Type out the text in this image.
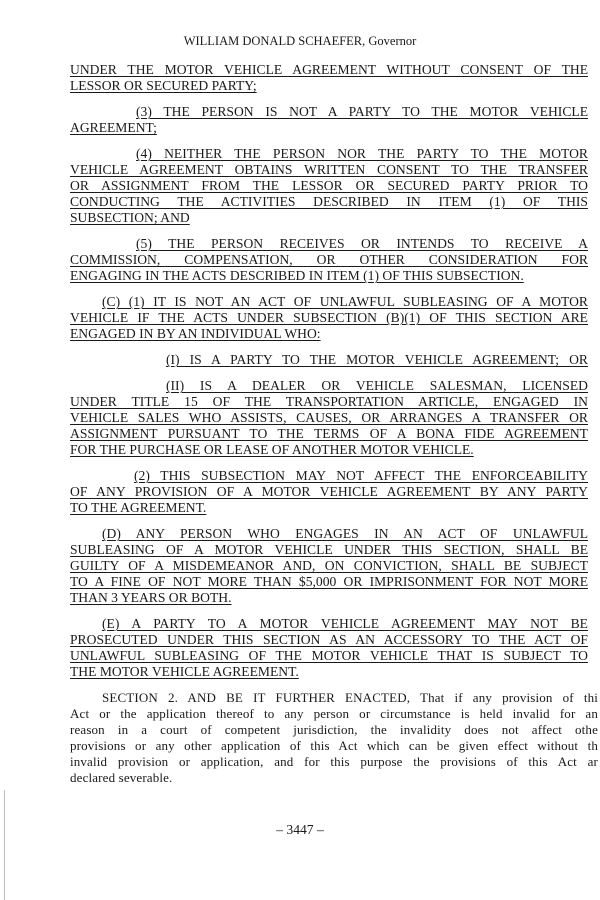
WILLIAM DONALD SCHAEFER, Governor
UNDER THE MOTOR VEHICLE AGREEMENT WITHOUT CONSENT OF THE
LESSOR OR SECURED PARTY;
(3) THE PERSON IS NOT A PARTY TO THE MOTOR VEHICLE
AGREEMENT;
(4) NEITHER THE PERSON NOR THE PARTY TO THE MOTOR
VEHICLE AGREEMENT OBTAINS WRITTEN CONSENT TO THE TRANSFER
OR ASSIGNMENT FROM THE LESSOR OR SECURED PARTY PRIOR TO
CONDUCTING THE ACTIVITIES DESCRIBED IN ITEM (1) OF THIS
SUBSECTION; AND
(5) THE PERSON RECEIVES OR INTENDS TO RECEIVE A
COMMISSION, COMPENSATION, OR OTHER CONSIDERATION FOR
ENGAGING IN THE ACTS DESCRIBED IN ITEM (1) OF THIS SUBSECTION.
(C) (1) IT IS NOT AN ACT OF UNLAWFUL SUBLEASING OF A MOTOR
VEHICLE IF THE ACTS UNDER SUBSECTION (B)(1) OF THIS SECTION ARE
ENGAGED IN BY AN INDIVIDUAL WHO:
(I) IS A PARTY TO THE MOTOR VEHICLE AGREEMENT; OR
(II) IS A DEALER OR VEHICLE SALESMAN, LICENSED
UNDER TITLE 15 OF THE TRANSPORTATION ARTICLE, ENGAGED IN
VEHICLE SALES WHO ASSISTS, CAUSES, OR ARRANGES A TRANSFER OR
ASSIGNMENT PURSUANT TO THE TERMS OF A BONA FIDE AGREEMENT
FOR THE PURCHASE OR LEASE OF ANOTHER MOTOR VEHICLE.
(2) THIS SUBSECTION MAY NOT AFFECT THE ENFORCEABILITY
OF ANY PROVISION OF A MOTOR VEHICLE AGREEMENT BY ANY PARTY
TO THE AGREEMENT.
(D) ANY PERSON WHO ENGAGES IN AN ACT OF UNLAWFUL
SUBLEASING OF A MOTOR VEHICLE UNDER THIS SECTION, SHALL BE
GUILTY OF A MISDEMEANOR AND, ON CONVICTION, SHALL BE SUBJECT
TO A FINE OF NOT MORE THAN $5,000 OR IMPRISONMENT FOR NOT MORE
THAN 3 YEARS OR BOTH.
(E) A PARTY TO A MOTOR VEHICLE AGREEMENT MAY NOT BE
PROSECUTED UNDER THIS SECTION AS AN ACCESSORY TO THE ACT OF
UNLAWFUL SUBLEASING OF THE MOTOR VEHICLE THAT IS SUBJECT TO
THE MOTOR VEHICLE AGREEMENT.
SECTION 2. AND BE IT FURTHER ENACTED, That if any provision of thi
Act or the application thereof to any person or circumstance is held invalid for an
reason in a court of competent jurisdiction, the invalidity does not affect othe
provisions or any other application of this Act which can be given effect without th
invalid provision or application, and for this purpose the provisions of this Act ar
declared severable.
– 3447 –
